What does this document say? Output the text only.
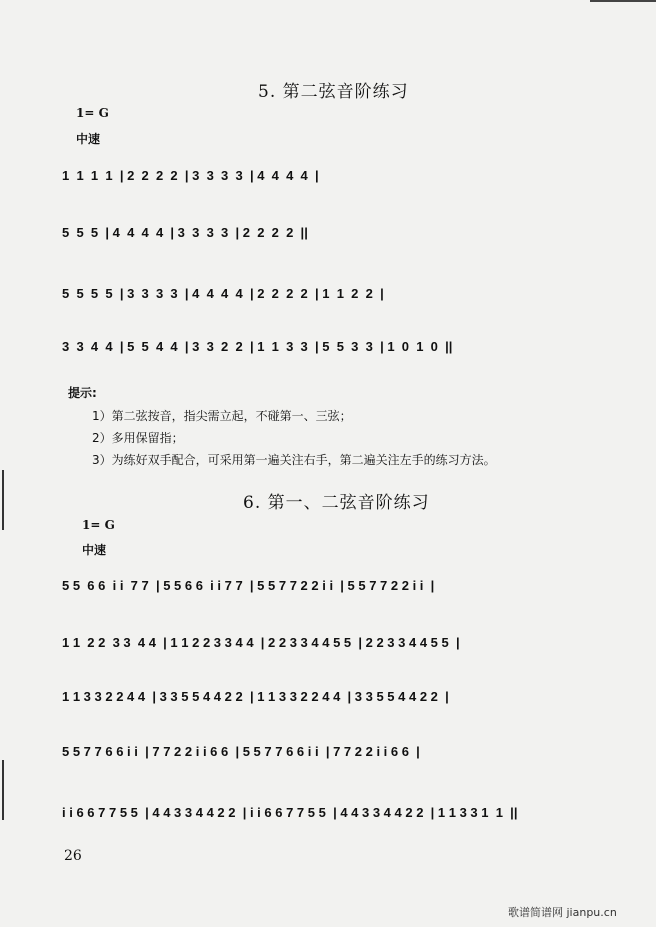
5. 第二弦音阶练习
1= G
中速
1  1  1  1  | 2  2  2  2  | 3  3  3  3  | 4  4  4  4  |
5  5  5  | 4  4  4  4  | 3  3  3  3  | 2  2  2  2  ||
5  5  5  5  | 3  3  3  3  | 4  4  4  4  | 2  2  2  2  | 1  1  2  2  |
3  3  4  4  | 5  5  4  4  | 3  3  2  2  | 1  1  3  3  | 5  5  3  3  | 1  0  1  0  ||
提示:
1）第二弦按音，指尖需立起，不碰第一、三弦；
2）多用保留指；
3）为练好双手配合，可采用第一遍关注右手，第二遍关注左手的练习方法。
6. 第一、二弦音阶练习
1= G
中速
5 5  6 6  i i  7 7  | 5 5 6 6  i i 7 7  | 5 5 7 7 2 2 i i  | 5 5 7 7 2 2 i i  |
1 1  2 2  3 3  4 4  | 1 1 2 2 3 3 4 4  | 2 2 3 3 4 4 5 5  | 2 2 3 3 4 4 5 5  |
1 1 3 3 2 2 4 4  | 3 3 5 5 4 4 2 2  | 1 1 3 3 2 2 4 4  | 3 3 5 5 4 4 2 2  |
5 5 7 7 6 6 i i  | 7 7 2 2 i i 6 6  | 5 5 7 7 6 6 i i  | 7 7 2 2 i i 6 6  |
i i 6 6 7 7 5 5  | 4 4 3 3 4 4 2 2  | i i 6 6 7 7 5 5  | 4 4 3 3 4 4 2 2  | 1 1 3 3 1  1  ||
26
歌谱简谱网 jianpu.cn
